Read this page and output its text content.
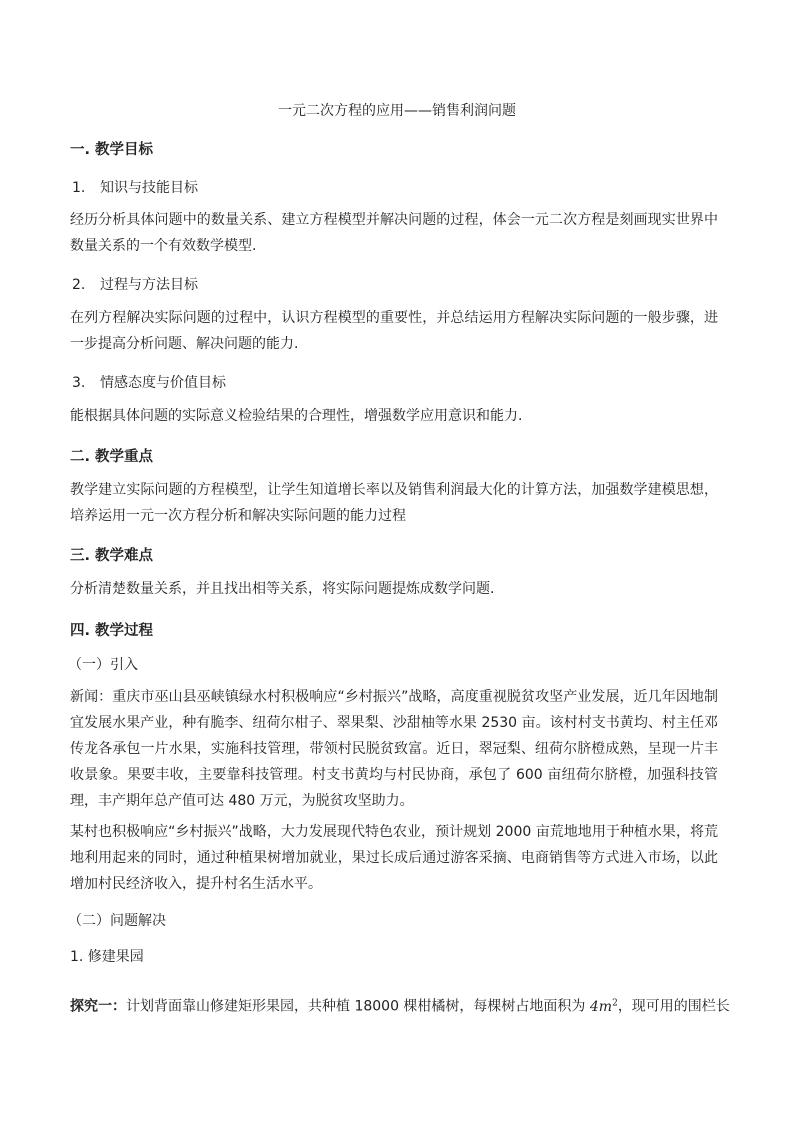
一元二次方程的应用——销售利润问题
一. 教学目标
1. 知识与技能目标
经历分析具体问题中的数量关系、建立方程模型并解决问题的过程，体会一元二次方程是刻画现实世界中数量关系的一个有效数学模型.
2. 过程与方法目标
在列方程解决实际问题的过程中，认识方程模型的重要性，并总结运用方程解决实际问题的一般步骤，进一步提高分析问题、解决问题的能力.
3. 情感态度与价值目标
能根据具体问题的实际意义检验结果的合理性，增强数学应用意识和能力.
二. 教学重点
教学建立实际问题的方程模型，让学生知道增长率以及销售利润最大化的计算方法，加强数学建模思想，培养运用一元一次方程分析和解决实际问题的能力过程
三. 教学难点
分析清楚数量关系，并且找出相等关系，将实际问题提炼成数学问题.
四. 教学过程
（一）引入
新闻：重庆市巫山县巫峡镇绿水村积极响应“乡村振兴”战略，高度重视脱贫攻坚产业发展，近几年因地制宜发展水果产业，种有脆李、纽荷尔柑子、翠果梨、沙甜柚等水果 2530 亩。该村村支书黄均、村主任邓传龙各承包一片水果，实施科技管理，带领村民脱贫致富。近日，翠冠梨、纽荷尔脐橙成熟，呈现一片丰收景象。果要丰收，主要靠科技管理。村支书黄均与村民协商，承包了 600 亩纽荷尔脐橙，加强科技管理，丰产期年总产值可达 480 万元，为脱贫攻坚助力。
某村也积极响应“乡村振兴”战略，大力发展现代特色农业，预计规划 2000 亩荒地地用于种植水果，将荒地利用起来的同时，通过种植果树增加就业，果过长成后通过游客采摘、电商销售等方式进入市场，以此增加村民经济收入，提升村名生活水平。
（二）问题解决
1. 修建果园
探究一：计划背面靠山修建矩形果园，共种植 18000 棵柑橘树，每棵树占地面积为 $4m^2$，现可用的围栏长
